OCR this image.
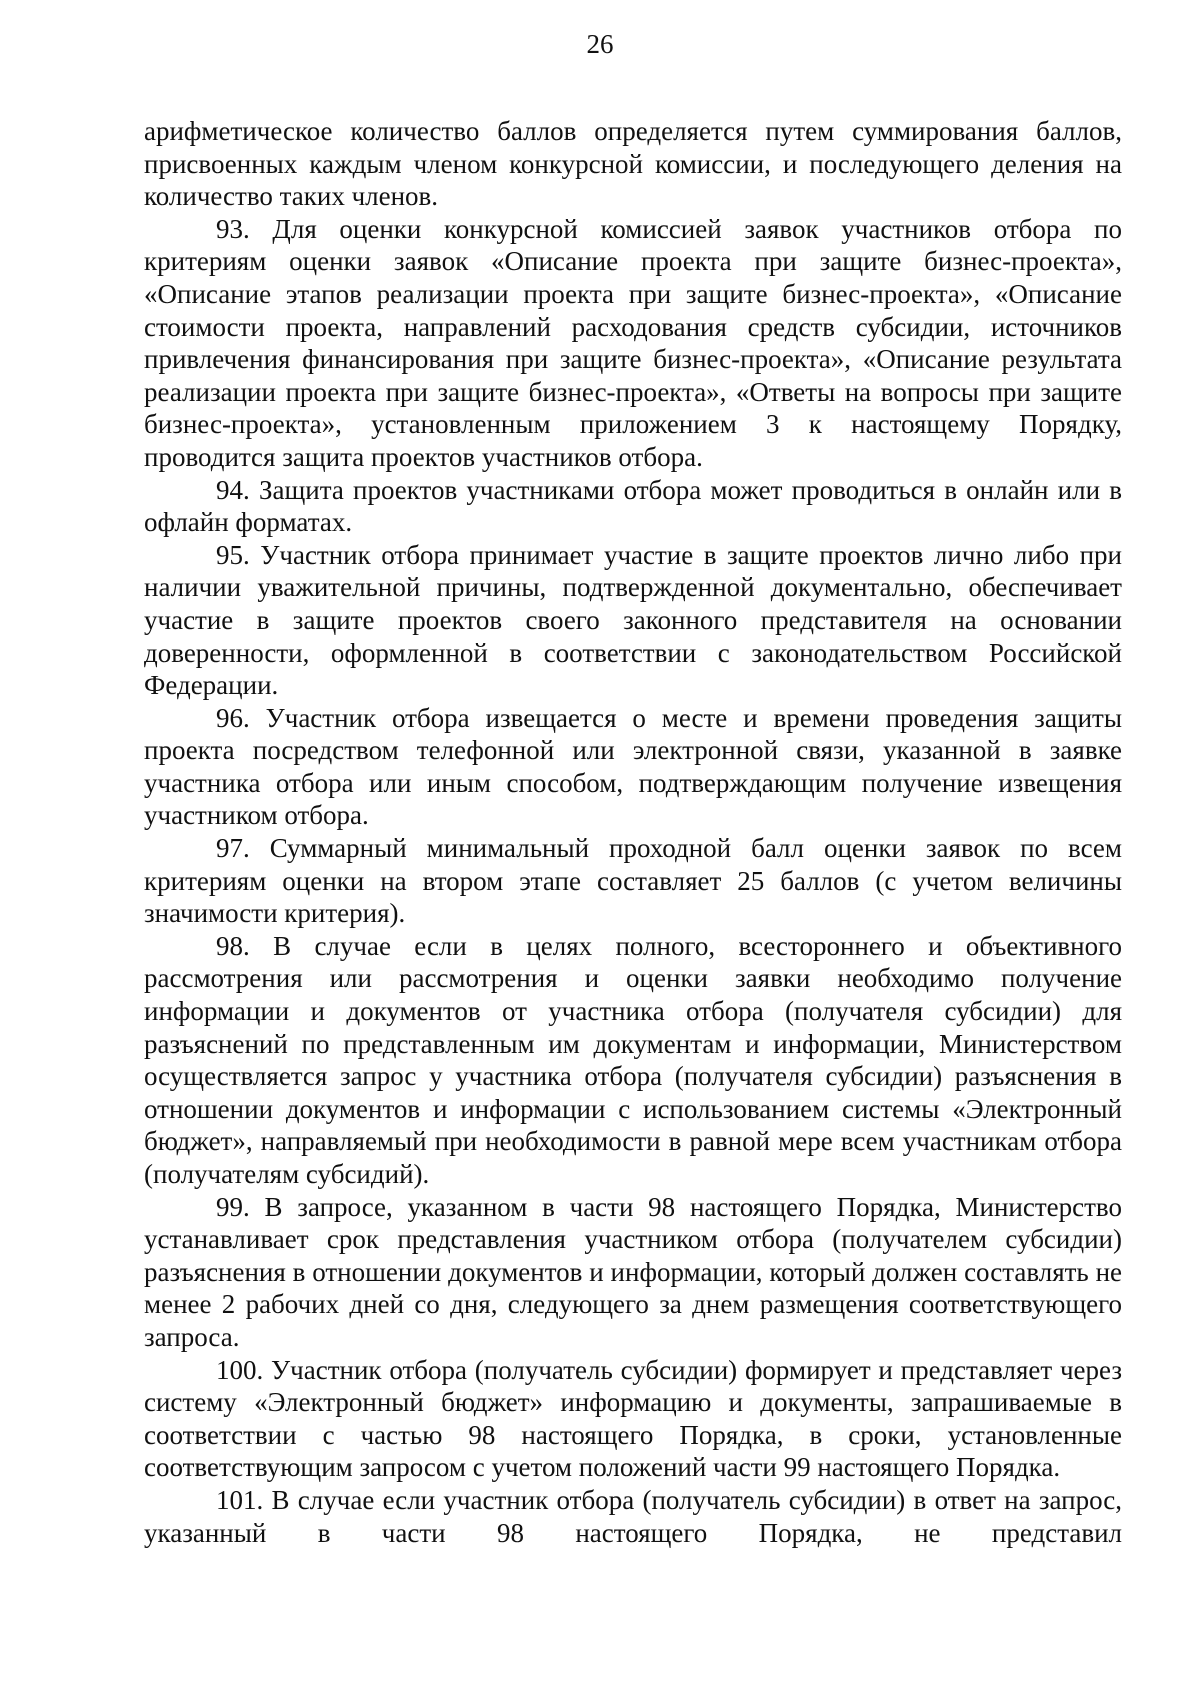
26

арифметическое количество баллов определяется путем суммирования баллов, присвоенных каждым членом конкурсной комиссии, и последующего деления на количество таких членов.

93. Для оценки конкурсной комиссией заявок участников отбора по критериям оценки заявок «Описание проекта при защите бизнес-проекта», «Описание этапов реализации проекта при защите бизнес-проекта», «Описание стоимости проекта, направлений расходования средств субсидии, источников привлечения финансирования при защите бизнес-проекта», «Описание результата реализации проекта при защите бизнес-проекта», «Ответы на вопросы при защите бизнес-проекта», установленным приложением 3 к настоящему Порядку, проводится защита проектов участников отбора.

94. Защита проектов участниками отбора может проводиться в онлайн или в офлайн форматах.

95. Участник отбора принимает участие в защите проектов лично либо при наличии уважительной причины, подтвержденной документально, обеспечивает участие в защите проектов своего законного представителя на основании доверенности, оформленной в соответствии с законодательством Российской Федерации.

96. Участник отбора извещается о месте и времени проведения защиты проекта посредством телефонной или электронной связи, указанной в заявке участника отбора или иным способом, подтверждающим получение извещения участником отбора.

97. Суммарный минимальный проходной балл оценки заявок по всем критериям оценки на втором этапе составляет 25 баллов (с учетом величины значимости критерия).

98. В случае если в целях полного, всестороннего и объективного рассмотрения или рассмотрения и оценки заявки необходимо получение информации и документов от участника отбора (получателя субсидии) для разъяснений по представленным им документам и информации, Министерством осуществляется запрос у участника отбора (получателя субсидии) разъяснения в отношении документов и информации с использованием системы «Электронный бюджет», направляемый при необходимости в равной мере всем участникам отбора (получателям субсидий).

99. В запросе, указанном в части 98 настоящего Порядка, Министерство устанавливает срок представления участником отбора (получателем субсидии) разъяснения в отношении документов и информации, который должен составлять не менее 2 рабочих дней со дня, следующего за днем размещения соответствующего запроса.

100. Участник отбора (получатель субсидии) формирует и представляет через систему «Электронный бюджет» информацию и документы, запрашиваемые в соответствии с частью 98 настоящего Порядка, в сроки, установленные соответствующим запросом с учетом положений части 99 настоящего Порядка.

101. В случае если участник отбора (получатель субсидии) в ответ на запрос, указанный в части 98 настоящего Порядка, не представил
